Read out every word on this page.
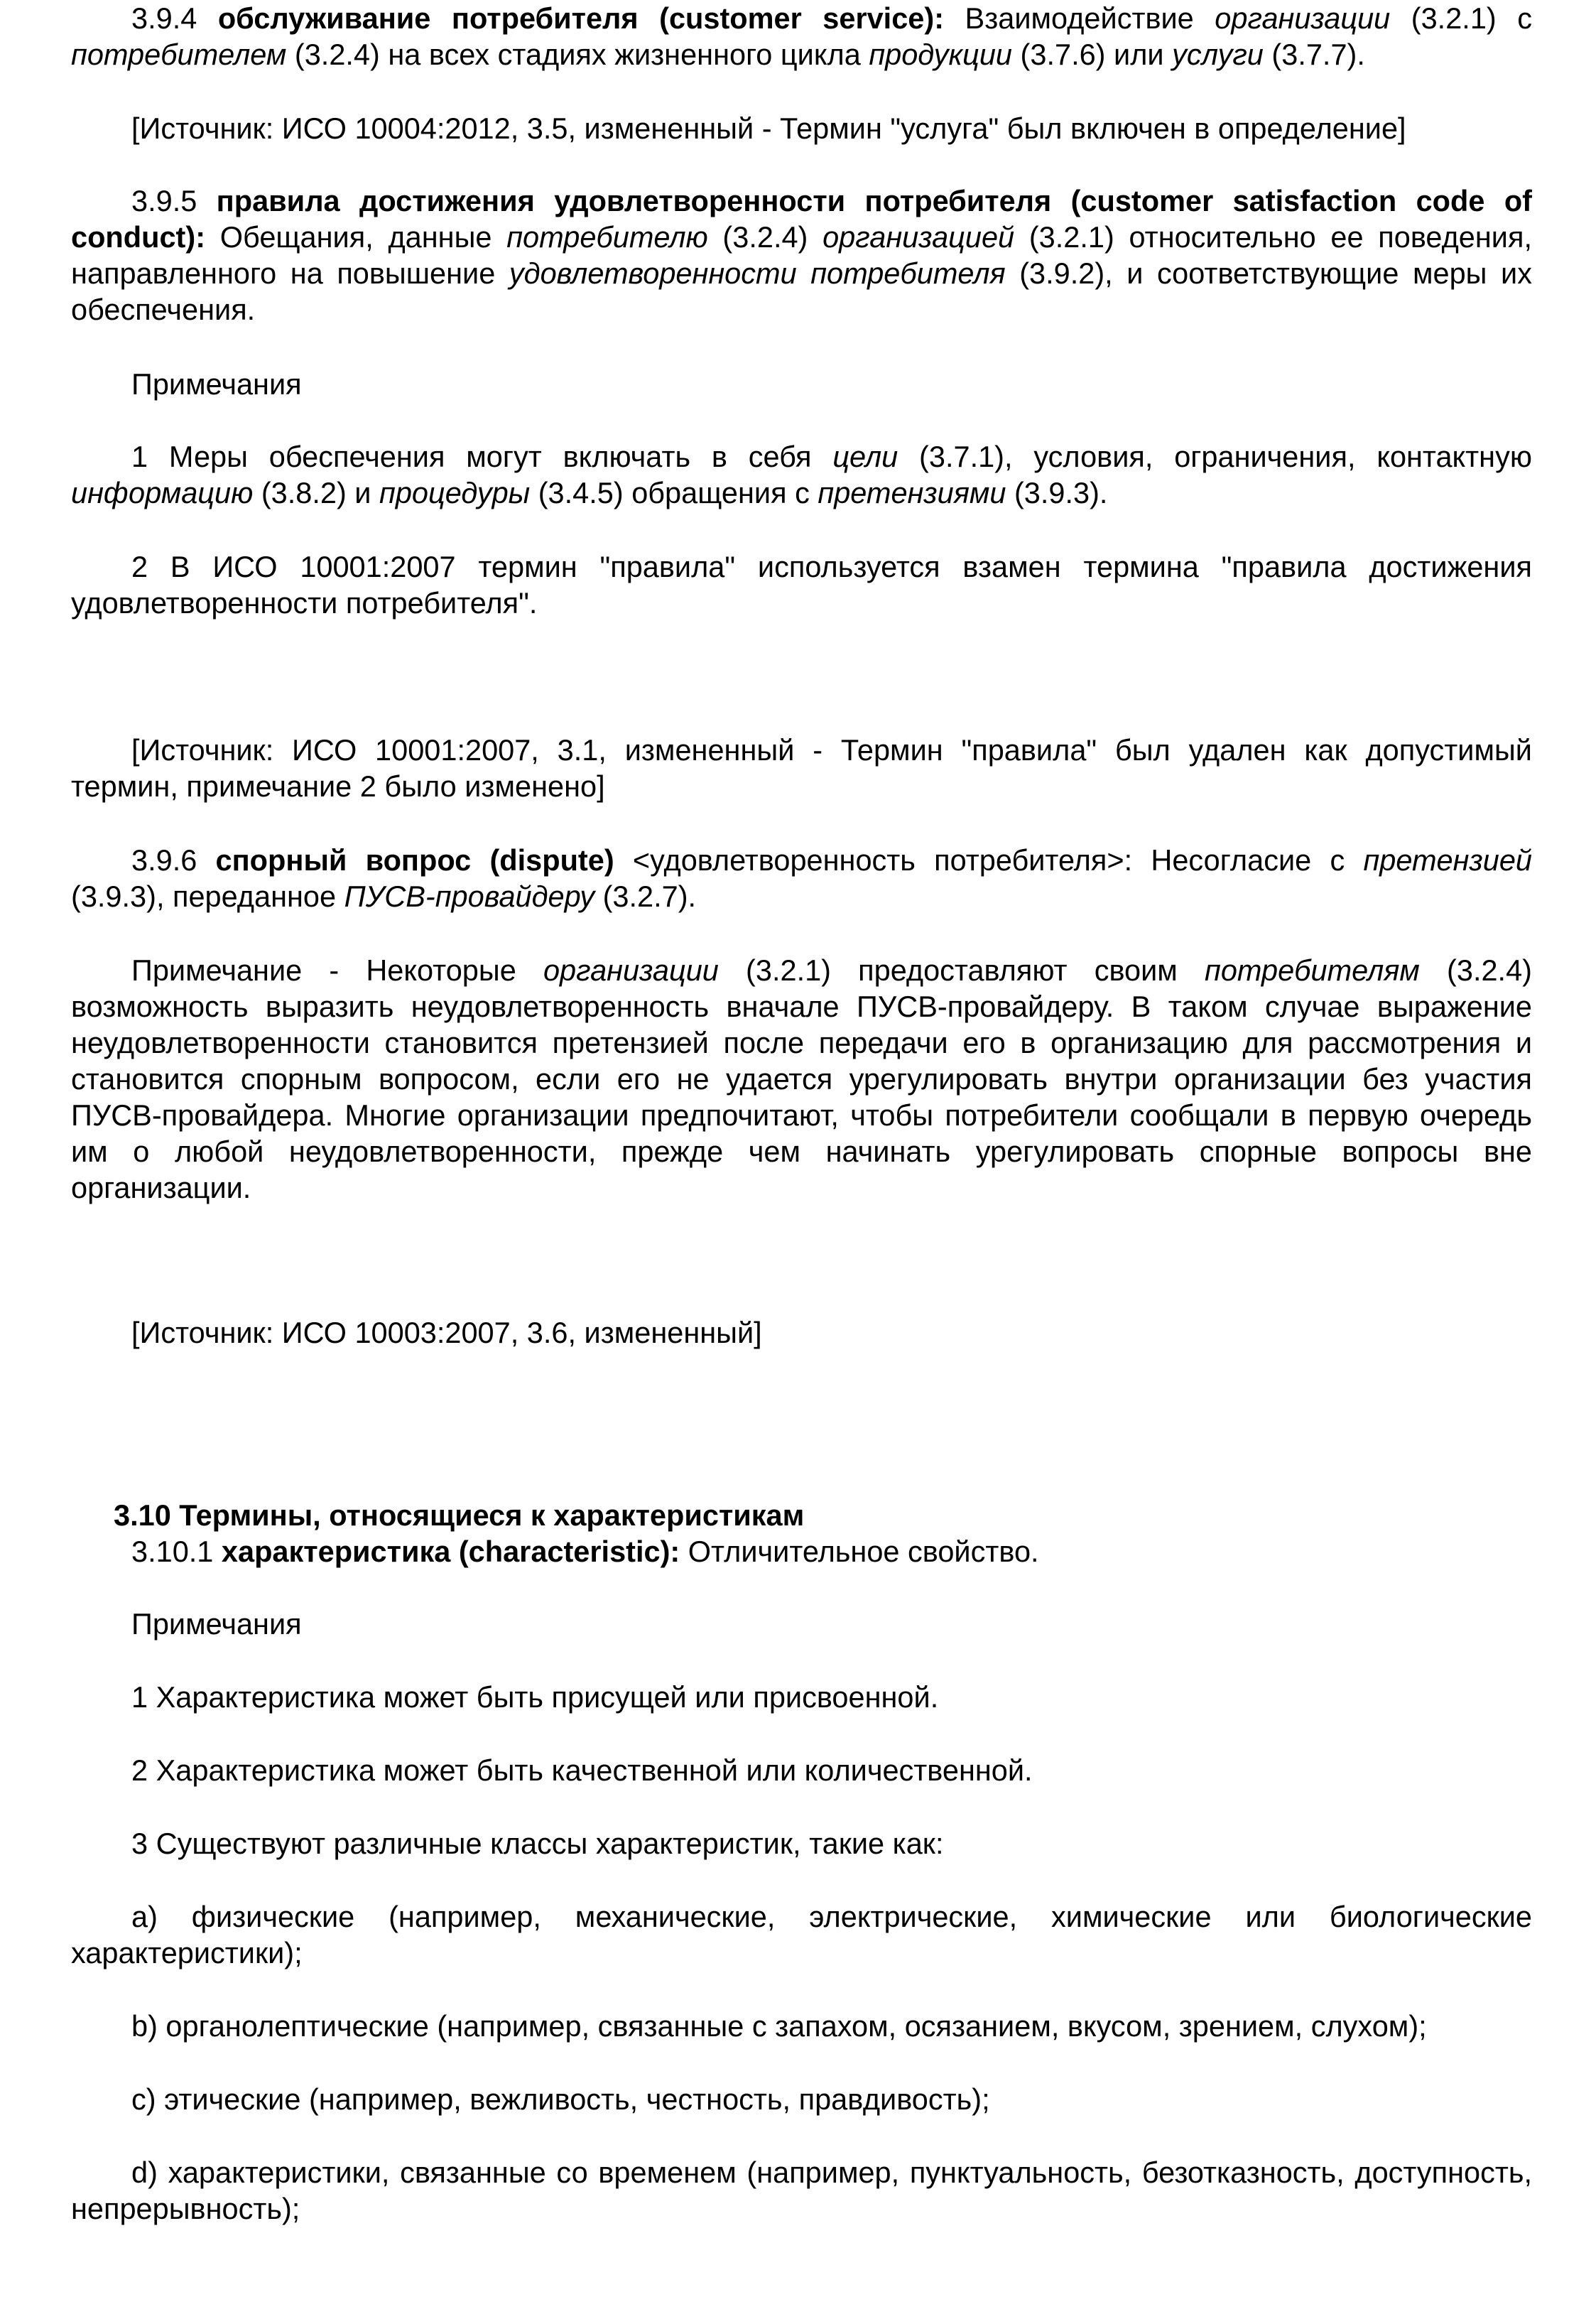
3.9.4 обслуживание потребителя (customer service): Взаимодействие организации (3.2.1) с потребителем (3.2.4) на всех стадиях жизненного цикла продукции (3.7.6) или услуги (3.7.7).

[Источник: ИСО 10004:2012, 3.5, измененный - Термин "услуга" был включен в определение]

3.9.5 правила достижения удовлетворенности потребителя (customer satisfaction code of conduct): Обещания, данные потребителю (3.2.4) организацией (3.2.1) относительно ее поведения, направленного на повышение удовлетворенности потребителя (3.9.2), и соответствующие меры их обеспечения.

Примечания

1 Меры обеспечения могут включать в себя цели (3.7.1), условия, ограничения, контактную информацию (3.8.2) и процедуры (3.4.5) обращения с претензиями (3.9.3).

2 В ИСО 10001:2007 термин "правила" используется взамен термина "правила достижения удовлетворенности потребителя".

[Источник: ИСО 10001:2007, 3.1, измененный - Термин "правила" был удален как допустимый термин, примечание 2 было изменено]

3.9.6 спорный вопрос (dispute) <удовлетворенность потребителя>: Несогласие с претензией (3.9.3), переданное ПУСВ-провайдеру (3.2.7).

Примечание - Некоторые организации (3.2.1) предоставляют своим потребителям (3.2.4) возможность выразить неудовлетворенность вначале ПУСВ-провайдеру. В таком случае выражение неудовлетворенности становится претензией после передачи его в организацию для рассмотрения и становится спорным вопросом, если его не удается урегулировать внутри организации без участия ПУСВ-провайдера. Многие организации предпочитают, чтобы потребители сообщали в первую очередь им о любой неудовлетворенности, прежде чем начинать урегулировать спорные вопросы вне организации.

[Источник: ИСО 10003:2007, 3.6, измененный]

3.10.1 характеристика (characteristic): Отличительное свойство.

Примечания

1 Характеристика может быть присущей или присвоенной.

2 Характеристика может быть качественной или количественной.

3 Существуют различные классы характеристик, такие как:

a) физические (например, механические, электрические, химические или биологические характеристики);

b) органолептические (например, связанные с запахом, осязанием, вкусом, зрением, слухом);

c) этические (например, вежливость, честность, правдивость);

d) характеристики, связанные со временем (например, пунктуальность, безотказность, доступность, непрерывность);

3.10 Термины, относящиеся к характеристикам
